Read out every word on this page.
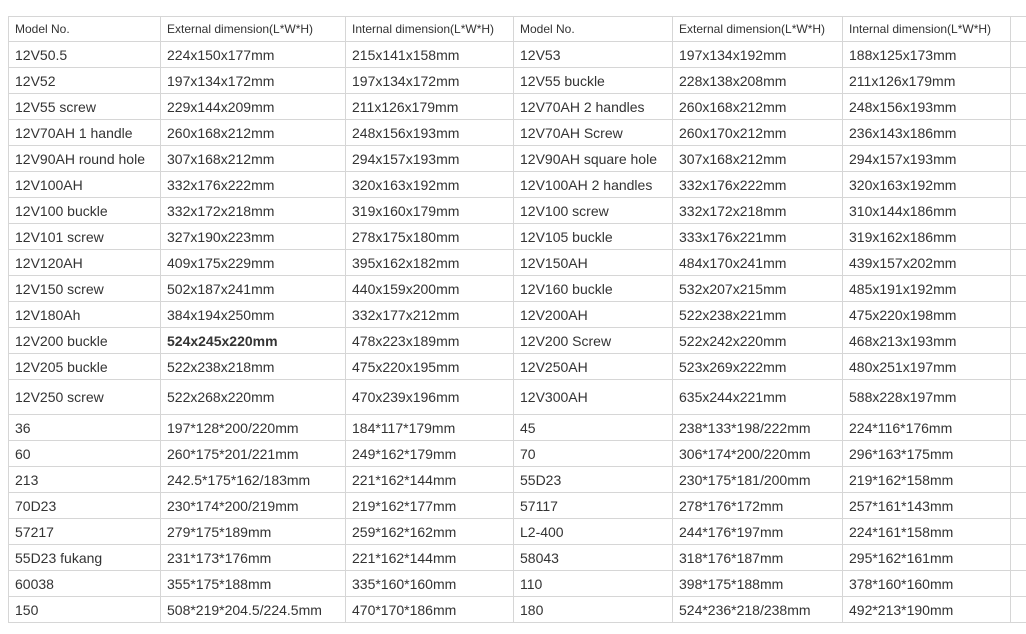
Model No.	External dimension(L*W*H)	Internal dimension(L*W*H)	Model No.	External dimension(L*W*H)	Internal dimension(L*W*H)	
12V50.5	224x150x177mm	215x141x158mm	12V53	197x134x192mm	188x125x173mm	
12V52	197x134x172mm	197x134x172mm	12V55 buckle	228x138x208mm	211x126x179mm	
12V55 screw	229x144x209mm	211x126x179mm	12V70AH 2 handles	260x168x212mm	248x156x193mm	
12V70AH 1 handle	260x168x212mm	248x156x193mm	12V70AH Screw	260x170x212mm	236x143x186mm	
12V90AH round hole	307x168x212mm	294x157x193mm	12V90AH square hole	307x168x212mm	294x157x193mm	
12V100AH	332x176x222mm	320x163x192mm	12V100AH 2 handles	332x176x222mm	320x163x192mm	
12V100 buckle	332x172x218mm	319x160x179mm	12V100 screw	332x172x218mm	310x144x186mm	
12V101 screw	327x190x223mm	278x175x180mm	12V105 buckle	333x176x221mm	319x162x186mm	
12V120AH	409x175x229mm	395x162x182mm	12V150AH	484x170x241mm	439x157x202mm	
12V150 screw	502x187x241mm	440x159x200mm	12V160 buckle	532x207x215mm	485x191x192mm	
12V180Ah	384x194x250mm	332x177x212mm	12V200AH	522x238x221mm	475x220x198mm	
12V200 buckle	524x245x220mm	478x223x189mm	12V200 Screw	522x242x220mm	468x213x193mm	
12V205 buckle	522x238x218mm	475x220x195mm	12V250AH	523x269x222mm	480x251x197mm	
12V250 screw	522x268x220mm	470x239x196mm	12V300AH	635x244x221mm	588x228x197mm	
36	197*128*200/220mm	184*117*179mm	45	238*133*198/222mm	224*116*176mm	
60	260*175*201/221mm	249*162*179mm	70	306*174*200/220mm	296*163*175mm	
213	242.5*175*162/183mm	221*162*144mm	55D23	230*175*181/200mm	219*162*158mm	
70D23	230*174*200/219mm	219*162*177mm	57117	278*176*172mm	257*161*143mm	
57217	279*175*189mm	259*162*162mm	L2-400	244*176*197mm	224*161*158mm	
55D23 fukang	231*173*176mm	221*162*144mm	58043	318*176*187mm	295*162*161mm	
60038	355*175*188mm	335*160*160mm	110	398*175*188mm	378*160*160mm	
150	508*219*204.5/224.5mm	470*170*186mm	180	524*236*218/238mm	492*213*190mm	
